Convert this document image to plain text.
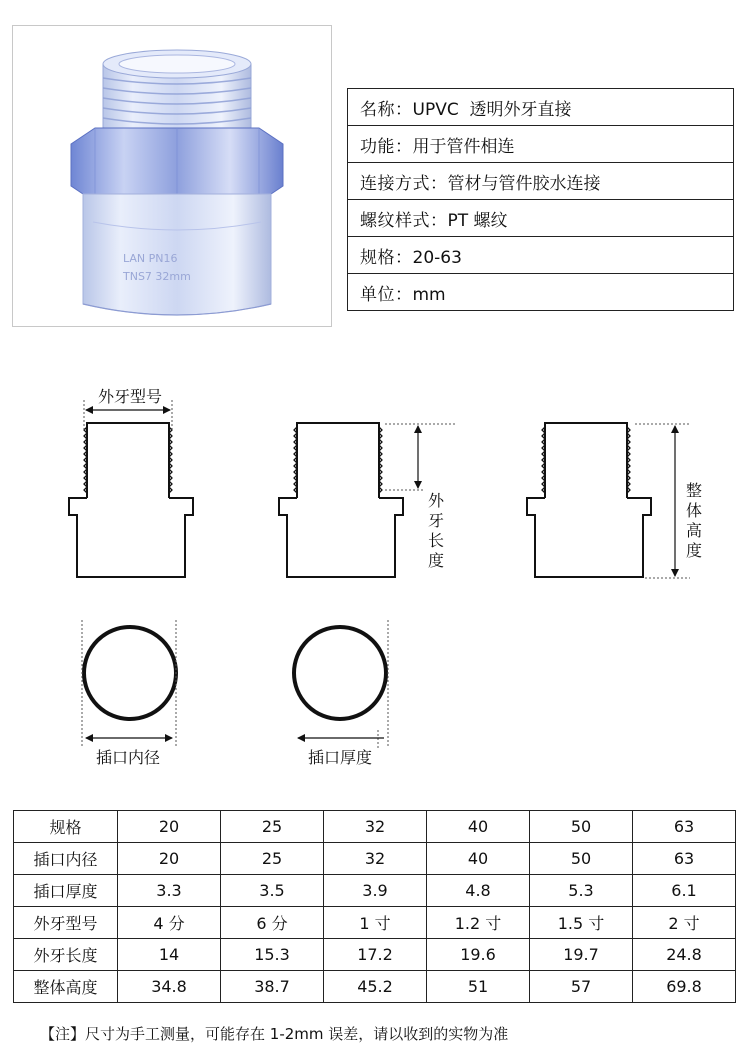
LAN PN16
TNS7 32mm
名称：UPVC  透明外牙直接
功能：用于管件相连
连接方式：管材与管件胶水连接
螺纹样式：PT 螺纹
规格：20-63
单位：mm
外牙型号
外
牙
长
度
整
体
高
度
插口内径	插口厚度
规格	20	25	32	40	50	63
插口内径	20	25	32	40	50	63
插口厚度	3.3	3.5	3.9	4.8	5.3	6.1
外牙型号	4 分	6 分	1 寸	1.2 寸	1.5 寸	2 寸
外牙长度	14	15.3	17.2	19.6	19.7	24.8
整体高度	34.8	38.7	45.2	51	57	69.8
【注】尺寸为手工测量，可能存在 1-2mm 误差，请以收到的实物为准
